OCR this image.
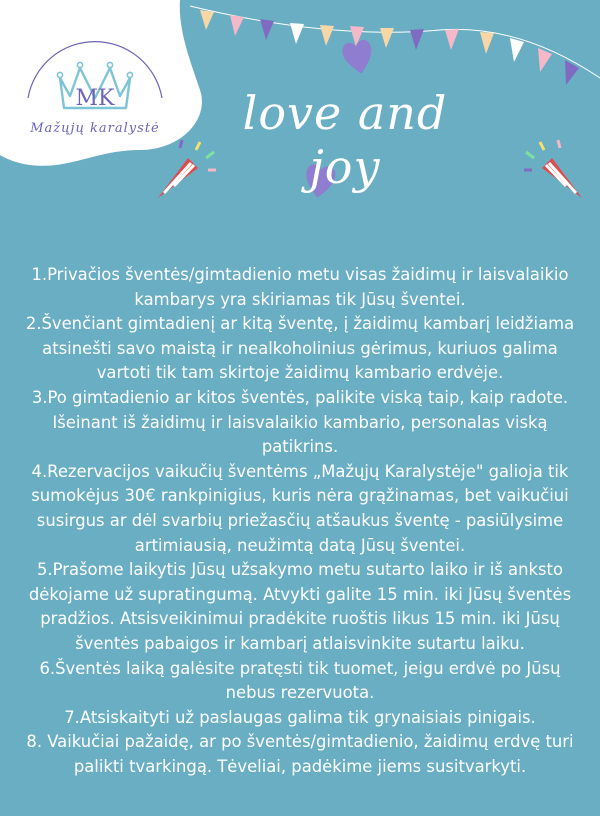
MK
Mažųjų karalystė	love and joy

1.Privačios šventės/gimtadienio metu visas žaidimų ir laisvalaikio kambarys yra skiriamas tik Jūsų šventei.

2.Švenčiant gimtadienį ar kitą šventę, į žaidimų kambarį leidžiama atsinešti savo maistą ir nealkoholinius gėrimus, kuriuos galima vartoti tik tam skirtoje žaidimų kambario erdvėje.

3.Po gimtadienio ar kitos šventės, palikite viską taip, kaip radote. Išeinant iš žaidimų ir laisvalaikio kambario, personalas viską patikrins.

4.Rezervacijos vaikučių šventėms „Mažųjų Karalystėje" galioja tik sumokėjus 30€ rankpinigius, kuris nėra grąžinamas, bet vaikučiui susirgus ar dėl svarbių priežasčių atšaukus šventę - pasiūlysime artimiausią, neužimtą datą Jūsų šventei.

5.Prašome laikytis Jūsų užsakymo metu sutarto laiko ir iš anksto dėkojame už supratingumą. Atvykti galite 15 min. iki Jūsų šventės pradžios. Atsisveikinimui pradėkite ruoštis likus 15 min. iki Jūsų šventės pabaigos ir kambarį atlaisvinkite sutartu laiku.

6.Šventės laiką galėsite pratęsti tik tuomet, jeigu erdvė po Jūsų nebus rezervuota.

7.Atsiskaityti už paslaugas galima tik grynaisiais pinigais.

8. Vaikučiai pažaidę, ar po šventės/gimtadienio, žaidimų erdvę turi palikti tvarkingą. Tėveliai, padėkime jiems susitvarkyti.
